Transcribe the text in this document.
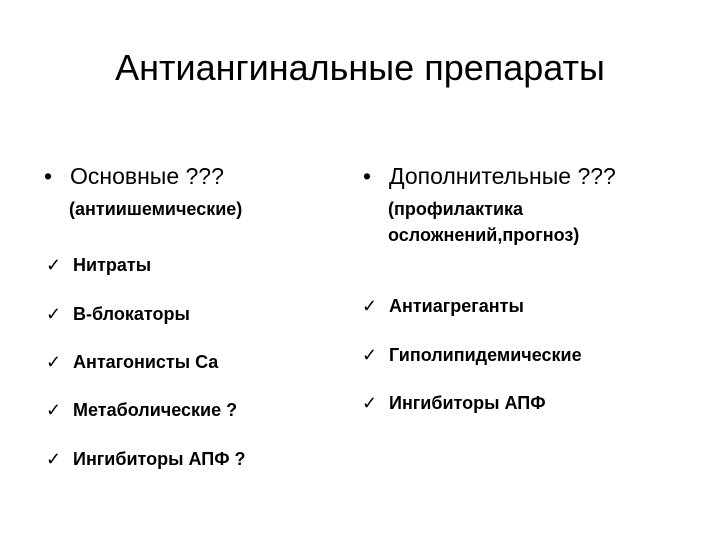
Антиангинальные препараты
• Основные ???
(антиишемические)
• Дополнительные ???
(профилактика
осложнений,прогноз)
✓ Нитраты
✓ В-блокаторы
✓ Антагонисты Са
✓ Метаболические ?
✓ Ингибиторы АПФ ?
✓ Антиагреганты
✓ Гиполипидемические
✓ Ингибиторы АПФ
